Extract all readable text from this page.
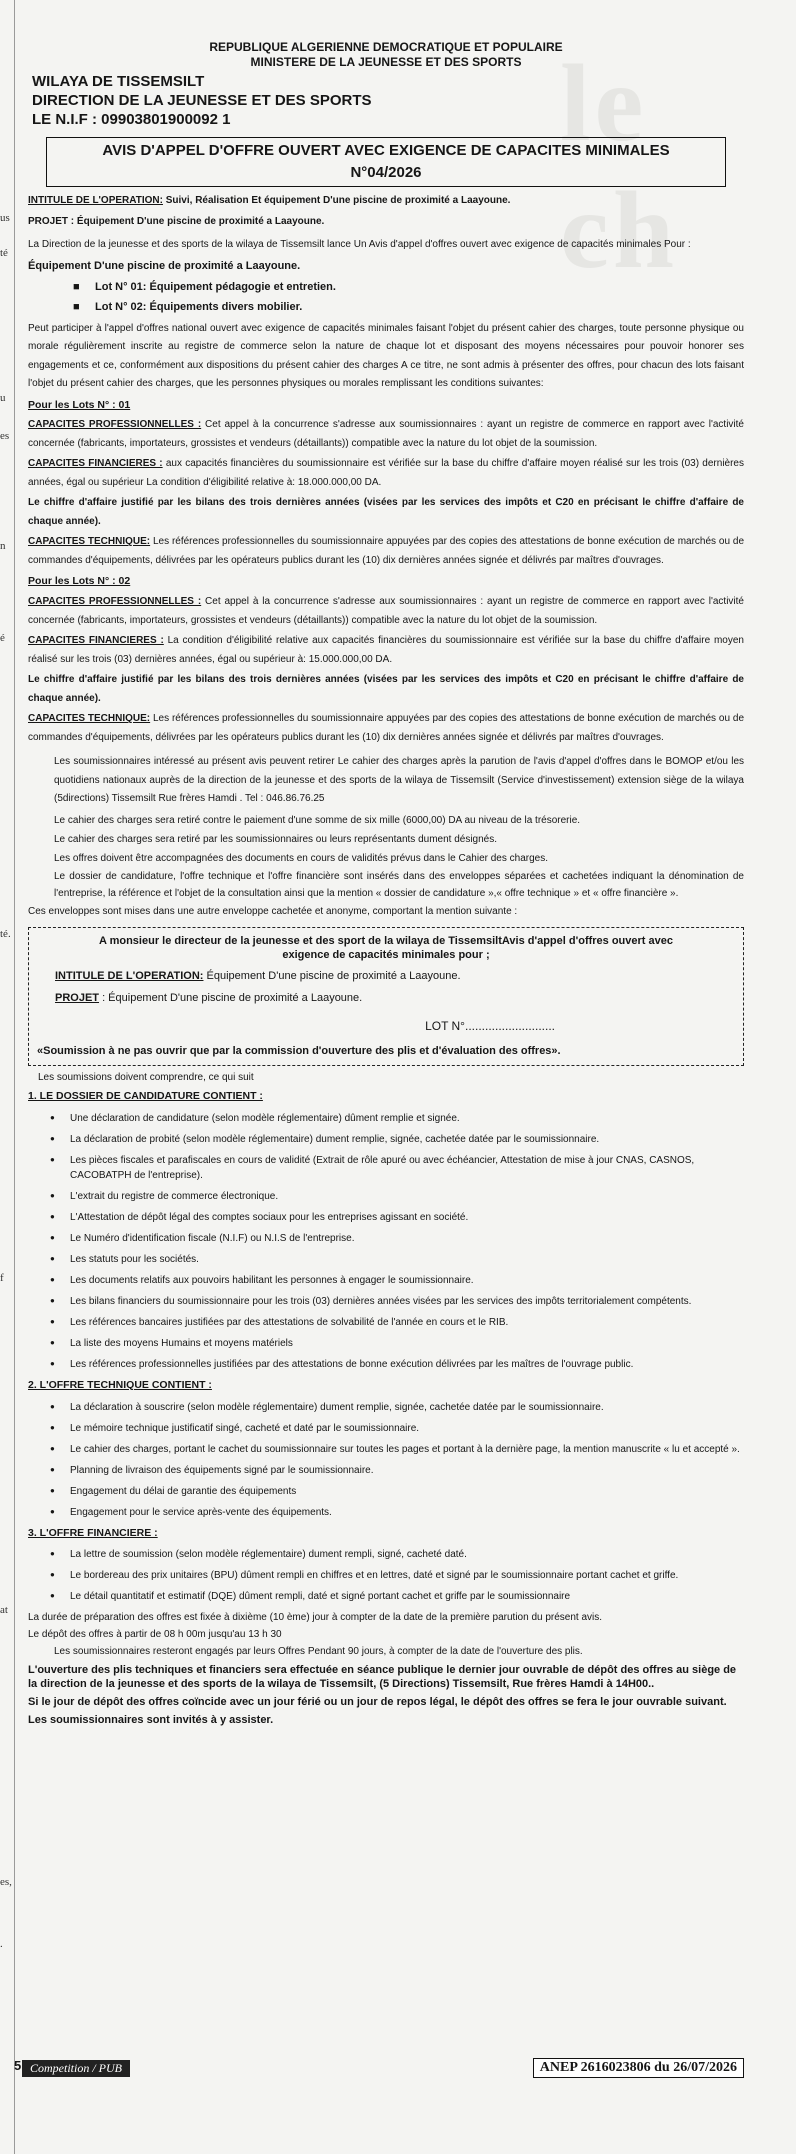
le ch
us
té
u
es
n
é
té.
f
at
es,
.
REPUBLIQUE ALGERIENNE DEMOCRATIQUE ET POPULAIRE
MINISTERE DE LA JEUNESSE ET DES SPORTS
WILAYA DE TISSEMSILT
DIRECTION DE LA JEUNESSE ET DES SPORTS
LE N.I.F : 09903801900092 1
AVIS D'APPEL D'OFFRE OUVERT AVEC EXIGENCE DE CAPACITES MINIMALES
N°04/2026
INTITULE DE L'OPERATION: Suivi, Réalisation Et équipement D'une piscine de proximité a Laayoune.
PROJET : Équipement D'une piscine de proximité a Laayoune.
La Direction de la jeunesse et des sports de la wilaya de Tissemsilt lance Un Avis d'appel d'offres ouvert avec exigence de capacités minimales Pour :
Équipement D'une piscine de proximité a Laayoune.
■ Lot N° 01: Équipement pédagogie et entretien.
■ Lot N° 02: Équipements divers mobilier.
Peut participer à l'appel d'offres national ouvert avec exigence de capacités minimales faisant l'objet du présent cahier des charges, toute personne physique ou morale régulièrement inscrite au registre de commerce selon la nature de chaque lot et disposant des moyens nécessaires pour pouvoir honorer ses engagements et ce, conformément aux dispositions du présent cahier des charges A ce titre, ne sont admis à présenter des offres, pour chacun des lots faisant l'objet du présent cahier des charges, que les personnes physiques ou morales remplissant les conditions suivantes:
Pour les Lots N° : 01
CAPACITES PROFESSIONNELLES : Cet appel à la concurrence s'adresse aux soumissionnaires : ayant un registre de commerce en rapport avec l'activité concernée (fabricants, importateurs, grossistes et vendeurs (détaillants)) compatible avec la nature du lot objet de la soumission.
CAPACITES FINANCIERES : aux capacités financières du soumissionnaire est vérifiée sur la base du chiffre d'affaire moyen réalisé sur les trois (03) dernières années, égal ou supérieur La condition d'éligibilité relative à: 18.000.000,00 DA.
Le chiffre d'affaire justifié par les bilans des trois dernières années (visées par les services des impôts et C20 en précisant le chiffre d'affaire de chaque année).
CAPACITES TECHNIQUE: Les références professionnelles du soumissionnaire appuyées par des copies des attestations de bonne exécution de marchés ou de commandes d'équipements, délivrées par les opérateurs publics durant les (10) dix dernières années signée et délivrés par maîtres d'ouvrages.
Pour les Lots N° : 02
CAPACITES PROFESSIONNELLES : Cet appel à la concurrence s'adresse aux soumissionnaires : ayant un registre de commerce en rapport avec l'activité concernée (fabricants, importateurs, grossistes et vendeurs (détaillants)) compatible avec la nature du lot objet de la soumission.
CAPACITES FINANCIERES : La condition d'éligibilité relative aux capacités financières du soumissionnaire est vérifiée sur la base du chiffre d'affaire moyen réalisé sur les trois (03) dernières années, égal ou supérieur à: 15.000.000,00 DA.
Le chiffre d'affaire justifié par les bilans des trois dernières années (visées par les services des impôts et C20 en précisant le chiffre d'affaire de chaque année).
CAPACITES TECHNIQUE: Les références professionnelles du soumissionnaire appuyées par des copies des attestations de bonne exécution de marchés ou de commandes d'équipements, délivrées par les opérateurs publics durant les (10) dix dernières années signée et délivrés par maîtres d'ouvrages.
Les soumissionnaires intéressé au présent avis peuvent retirer Le cahier des charges après la parution de l'avis d'appel d'offres dans le BOMOP et/ou les quotidiens nationaux auprès de la direction de la jeunesse et des sports de la wilaya de Tissemsilt (Service d'investissement) extension siège de la wilaya (5directions) Tissemsilt Rue frères Hamdi . Tel : 046.86.76.25
Le cahier des charges sera retiré contre le paiement d'une somme de six mille (6000,00) DA au niveau de la trésorerie.
Le cahier des charges sera retiré par les soumissionnaires ou leurs représentants dument désignés.
Les offres doivent être accompagnées des documents en cours de validités prévus dans le Cahier des charges.
Le dossier de candidature, l'offre technique et l'offre financière sont insérés dans des enveloppes séparées et cachetées indiquant la dénomination de l'entreprise, la référence et l'objet de la consultation ainsi que la mention « dossier de candidature »,« offre technique » et « offre financière ».
Ces enveloppes sont mises dans une autre enveloppe cachetée et anonyme, comportant la mention suivante :
A monsieur le directeur de la jeunesse et des sport de la wilaya de TissemsiltAvis d'appel d'offres ouvert avec
exigence de capacités minimales pour ;
INTITULE DE L'OPERATION: Équipement D'une piscine de proximité a Laayoune.
PROJET : Équipement D'une piscine de proximité a Laayoune.
LOT N°...........................
«Soumission à ne pas ouvrir que par la commission d'ouverture des plis et d'évaluation des offres».
Les soumissions doivent comprendre, ce qui suit
1. LE DOSSIER DE CANDIDATURE CONTIENT :
● Une déclaration de candidature (selon modèle réglementaire) dûment remplie et signée.
● La déclaration de probité (selon modèle réglementaire) dument remplie, signée, cachetée datée par le soumissionnaire.
● Les pièces fiscales et parafiscales en cours de validité (Extrait de rôle apuré ou avec échéancier, Attestation de mise à jour CNAS, CASNOS, CACOBATPH de l'entreprise).
● L'extrait du registre de commerce électronique.
● L'Attestation de dépôt légal des comptes sociaux pour les entreprises agissant en société.
● Le Numéro d'identification fiscale (N.I.F) ou N.I.S de l'entreprise.
● Les statuts pour les sociétés.
● Les documents relatifs aux pouvoirs habilitant les personnes à engager le soumissionnaire.
● Les bilans financiers du soumissionnaire pour les trois (03) dernières années visées par les services des impôts territorialement compétents.
● Les références bancaires justifiées par des attestations de solvabilité de l'année en cours et le RIB.
● La liste des moyens Humains et moyens matériels
● Les références professionnelles justifiées par des attestations de bonne exécution délivrées par les maîtres de l'ouvrage public.
2. L'OFFRE TECHNIQUE CONTIENT :
● La déclaration à souscrire (selon modèle réglementaire) dument remplie, signée, cachetée datée par le soumissionnaire.
● Le mémoire technique justificatif singé, cacheté et daté par le soumissionnaire.
● Le cahier des charges, portant le cachet du soumissionnaire sur toutes les pages et portant à la dernière page, la mention manuscrite « lu et accepté ».
● Planning de livraison des équipements signé par le soumissionnaire.
● Engagement du délai de garantie des équipements
● Engagement pour le service après-vente des équipements.
3. L'OFFRE FINANCIERE :
● La lettre de soumission (selon modèle réglementaire) dument rempli, signé, cacheté daté.
● Le bordereau des prix unitaires (BPU) dûment rempli en chiffres et en lettres, daté et signé par le soumissionnaire portant cachet et griffe.
● Le détail quantitatif et estimatif (DQE) dûment rempli, daté et signé portant cachet et griffe par le soumissionnaire
La durée de préparation des offres est fixée à dixième (10 ème) jour à compter de la date de la première parution du présent avis.
Le dépôt des offres à partir de 08 h 00m jusqu'au 13 h 30
Les soumissionnaires resteront engagés par leurs Offres Pendant 90 jours, à compter de la date de l'ouverture des plis.
L'ouverture des plis techniques et financiers sera effectuée en séance publique le dernier jour ouvrable de dépôt des offres au siège de la direction de la jeunesse et des sports de la wilaya de Tissemsilt, (5 Directions) Tissemsilt, Rue frères Hamdi à 14H00..
Si le jour de dépôt des offres coïncide avec un jour férié ou un jour de repos légal, le dépôt des offres se fera le jour ouvrable suivant.
Les soumissionnaires sont invités à y assister.
5 Competition / PUB	ANEP 2616023806 du 26/07/2026
